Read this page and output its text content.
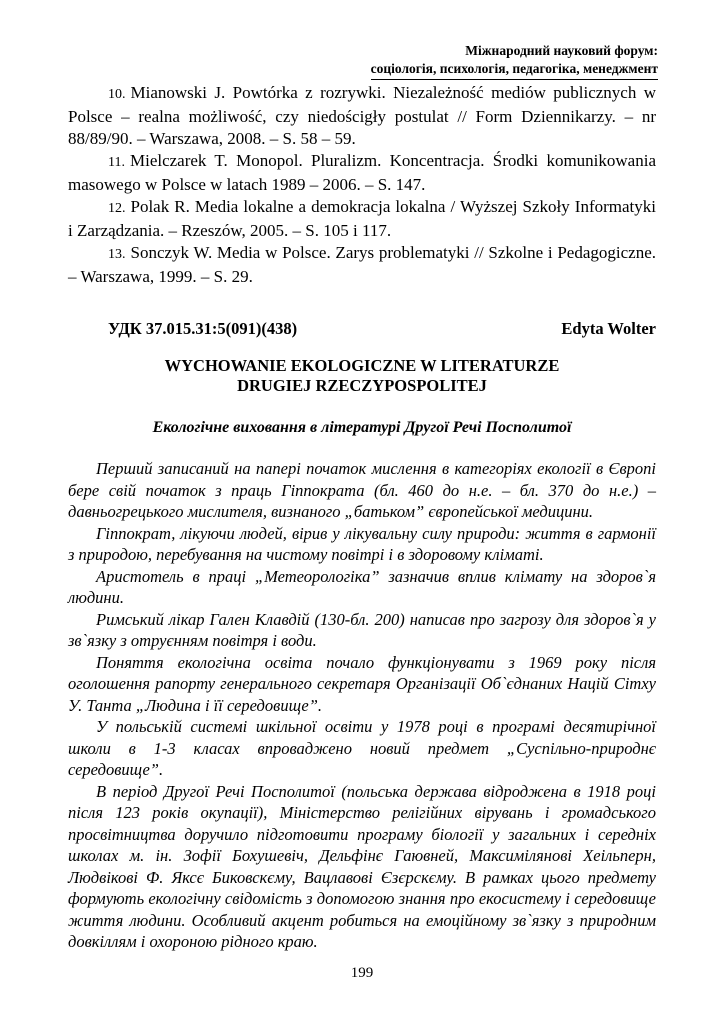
Міжнародний науковий форум:
соціологія, психологія, педагогіка, менеджмент

10. Mianowski J. Powtórka z rozrywki. Niezależność mediów publicznych w Polsce – realna możliwość, czy niedościgły postulat // Form Dziennikarzy. – nr 88/89/90. – Warszawa, 2008. – S. 58 – 59.

11. Mielczarek T. Monopol. Pluralizm. Koncentracja. Środki komunikowania masowego w Polsce w latach 1989 – 2006. – S. 147.

12. Polak R. Media lokalne a demokracja lokalna / Wyższej Szkoły Informatyki i Zarządzania. – Rzeszów, 2005. – S. 105 i 117.

13. Sonczyk W. Media w Polsce. Zarys problematyki // Szkolne i Pedagogiczne. – Warszawa, 1999. – S. 29.

УДК 37.015.31:5(091)(438)	Edyta Wolter
WYCHOWANIE EKOLOGICZNE W LITERATURZE
DRUGIEJ RZECZYPOSPOLITEJ
Екологічне виховання в літературі Другої Речі Посполитої

Перший записаний на папері початок мислення в категоріях екології в Європі бере свій початок з праць Гіппократа (бл. 460 до н.е. – бл. 370 до н.е.) – давньогрецького мислителя, визнаного „батьком” європейської медицини.

Гіппократ, лікуючи людей, вірив у лікувальну силу природи: життя в гармонії з природою, перебування на чистому повітрі і в здоровому кліматі.

Аристотель в праці „Метеорологіка” зазначив вплив клімату на здоров`я людини.

Римський лікар Гален Клавдій (130-бл. 200) написав про загрозу для здоров`я у зв`язку з отруєнням повітря і води.

Поняття екологічна освіта почало функціонувати з 1969 року після оголошення рапорту генерального секретаря Організації Об`єднаних Націй Сітху У. Танта „Людина і її середовище”.

У польській системі шкільної освіти у 1978 році в програмі десятирічної школи в 1-3 класах впроваджено новий предмет „Суспільно-природнє середовище”.

В період Другої Речі Посполитої (польська держава відроджена в 1918 році після 123 років окупації), Міністерство релігійних вірувань і громадського просвітництва доручило підготовити програму біології у загальних і середніх школах м. ін. Зофії Бохушевіч, Дельфінє Гаювней, Максиміляновi Хеільперн, Людвікові Ф. Яксє Биковскєму, Вацлавові Єзєрскєму. В рамках цього предмету формують екологічну свідомість з допомогою знання про екосистему і середовище життя людини. Особливий акцент робиться на емоційному зв`язку з природним довкіллям і охороною рідного краю.

199
